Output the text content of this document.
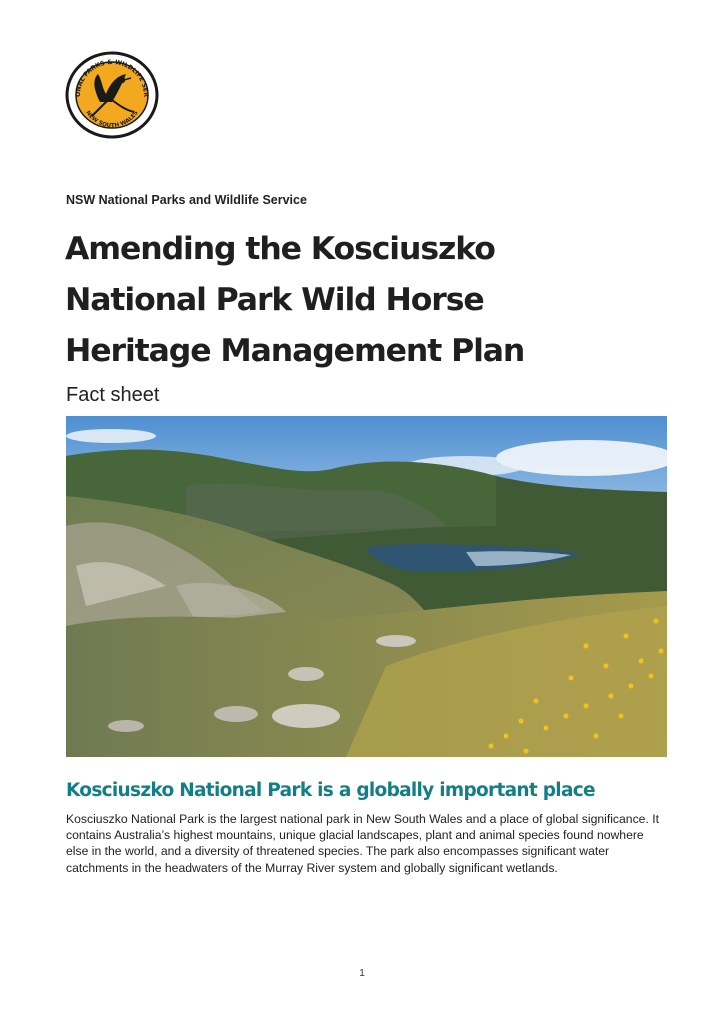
ONAL PARKS & WILDLIFE SER
NEW SOUTH WALES
NSW National Parks and Wildlife Service
Amending the Kosciuszko
National Park Wild Horse
Heritage Management Plan
Fact sheet
Kosciuszko National Park is a globally important place

Kosciuszko National Park is the largest national park in New South Wales and a place of global significance. It contains Australia’s highest mountains, unique glacial landscapes, plant and animal species found nowhere else in the world, and a diversity of threatened species. The park also encompasses significant water catchments in the headwaters of the Murray River system and globally significant wetlands.

1
